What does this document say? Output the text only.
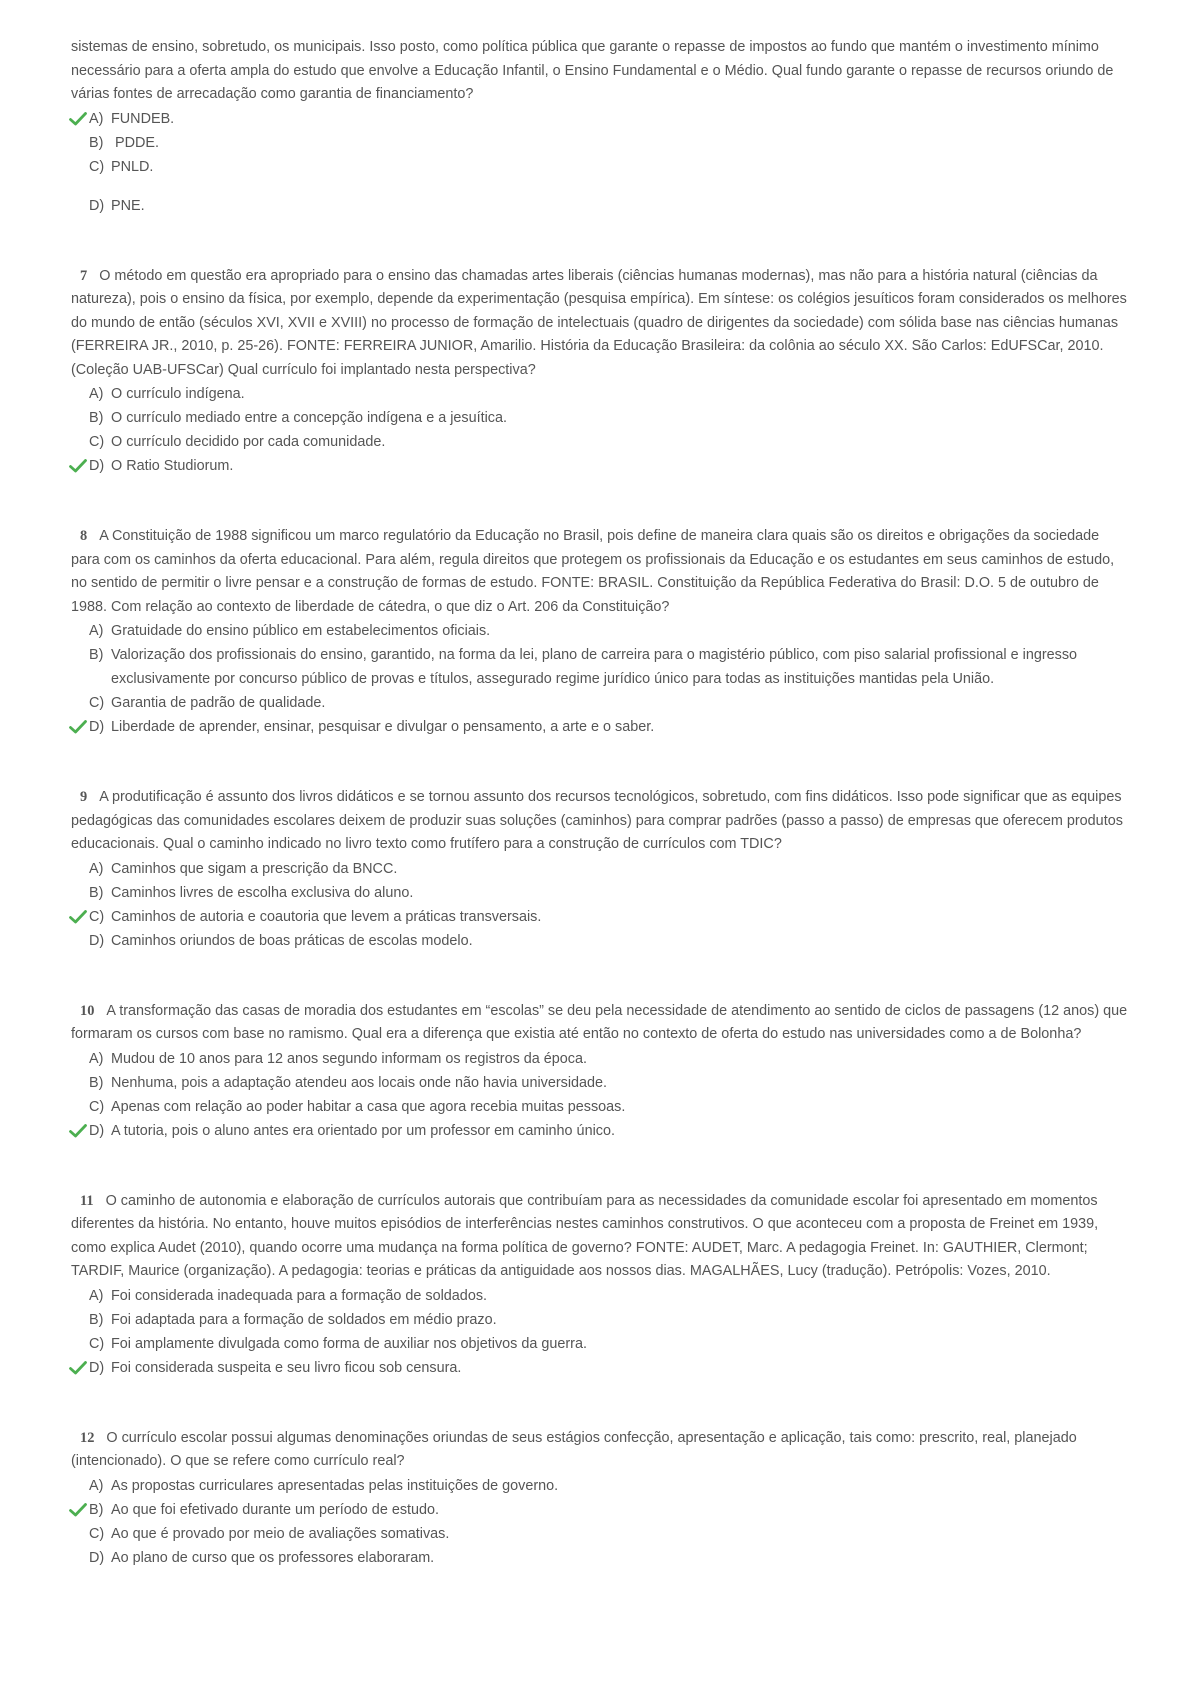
sistemas de ensino, sobretudo, os municipais. Isso posto, como política pública que garante o repasse de impostos ao fundo que mantém o investimento mínimo necessário para a oferta ampla do estudo que envolve a Educação Infantil, o Ensino Fundamental e o Médio. Qual fundo garante o repasse de recursos oriundo de várias fontes de arrecadação como garantia de financiamento?

A) FUNDEB.
B) PDDE.
C) PNLD.
D) PNE.

7 O método em questão era apropriado para o ensino das chamadas artes liberais (ciências humanas modernas), mas não para a história natural (ciências da natureza), pois o ensino da física, por exemplo, depende da experimentação (pesquisa empírica). Em síntese: os colégios jesuíticos foram considerados os melhores do mundo de então (séculos XVI, XVII e XVIII) no processo de formação de intelectuais (quadro de dirigentes da sociedade) com sólida base nas ciências humanas (FERREIRA JR., 2010, p. 25-26). FONTE: FERREIRA JUNIOR, Amarilio. História da Educação Brasileira: da colônia ao século XX. São Carlos: EdUFSCar, 2010. (Coleção UAB-UFSCar) Qual currículo foi implantado nesta perspectiva?

A) O currículo indígena.
B) O currículo mediado entre a concepção indígena e a jesuítica.
C) O currículo decidido por cada comunidade.
D) O Ratio Studiorum.

8 A Constituição de 1988 significou um marco regulatório da Educação no Brasil, pois define de maneira clara quais são os direitos e obrigações da sociedade para com os caminhos da oferta educacional. Para além, regula direitos que protegem os profissionais da Educação e os estudantes em seus caminhos de estudo, no sentido de permitir o livre pensar e a construção de formas de estudo. FONTE: BRASIL. Constituição da República Federativa do Brasil: D.O. 5 de outubro de 1988. Com relação ao contexto de liberdade de cátedra, o que diz o Art. 206 da Constituição?

A) Gratuidade do ensino público em estabelecimentos oficiais.
B) Valorização dos profissionais do ensino, garantido, na forma da lei, plano de carreira para o magistério público, com piso salarial profissional e ingresso exclusivamente por concurso público de provas e títulos, assegurado regime jurídico único para todas as instituições mantidas pela União.
C) Garantia de padrão de qualidade.
D) Liberdade de aprender, ensinar, pesquisar e divulgar o pensamento, a arte e o saber.

9 A produtificação é assunto dos livros didáticos e se tornou assunto dos recursos tecnológicos, sobretudo, com fins didáticos. Isso pode significar que as equipes pedagógicas das comunidades escolares deixem de produzir suas soluções (caminhos) para comprar padrões (passo a passo) de empresas que oferecem produtos educacionais. Qual o caminho indicado no livro texto como frutífero para a construção de currículos com TDIC?

A) Caminhos que sigam a prescrição da BNCC.
B) Caminhos livres de escolha exclusiva do aluno.
C) Caminhos de autoria e coautoria que levem a práticas transversais.
D) Caminhos oriundos de boas práticas de escolas modelo.

10 A transformação das casas de moradia dos estudantes em “escolas” se deu pela necessidade de atendimento ao sentido de ciclos de passagens (12 anos) que formaram os cursos com base no ramismo. Qual era a diferença que existia até então no contexto de oferta do estudo nas universidades como a de Bolonha?

A) Mudou de 10 anos para 12 anos segundo informam os registros da época.
B) Nenhuma, pois a adaptação atendeu aos locais onde não havia universidade.
C) Apenas com relação ao poder habitar a casa que agora recebia muitas pessoas.
D) A tutoria, pois o aluno antes era orientado por um professor em caminho único.

11 O caminho de autonomia e elaboração de currículos autorais que contribuíam para as necessidades da comunidade escolar foi apresentado em momentos diferentes da história. No entanto, houve muitos episódios de interferências nestes caminhos construtivos. O que aconteceu com a proposta de Freinet em 1939, como explica Audet (2010), quando ocorre uma mudança na forma política de governo? FONTE: AUDET, Marc. A pedagogia Freinet. In: GAUTHIER, Clermont; TARDIF, Maurice (organização). A pedagogia: teorias e práticas da antiguidade aos nossos dias. MAGALHÃES, Lucy (tradução). Petrópolis: Vozes, 2010.

A) Foi considerada inadequada para a formação de soldados.
B) Foi adaptada para a formação de soldados em médio prazo.
C) Foi amplamente divulgada como forma de auxiliar nos objetivos da guerra.
D) Foi considerada suspeita e seu livro ficou sob censura.

12 O currículo escolar possui algumas denominações oriundas de seus estágios confecção, apresentação e aplicação, tais como: prescrito, real, planejado (intencionado). O que se refere como currículo real?

A) As propostas curriculares apresentadas pelas instituições de governo.
B) Ao que foi efetivado durante um período de estudo.
C) Ao que é provado por meio de avaliações somativas.
D) Ao plano de curso que os professores elaboraram.
